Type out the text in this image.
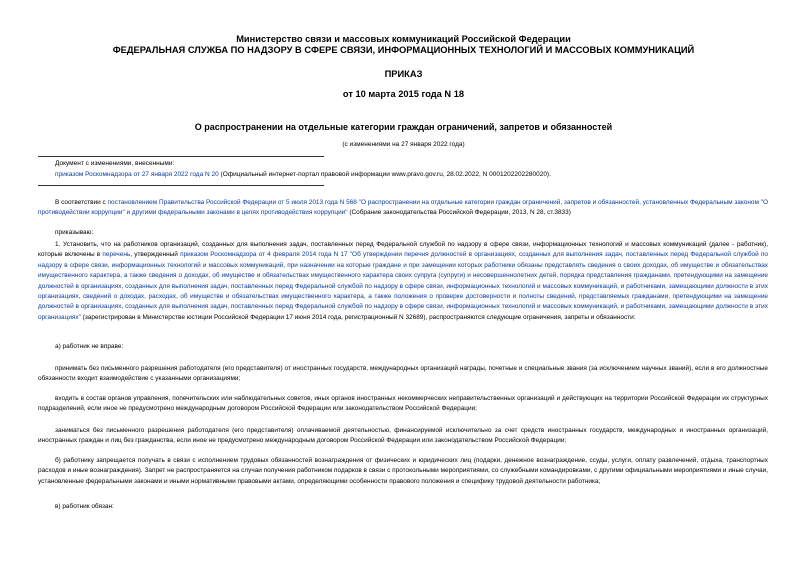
Министерство связи и массовых коммуникаций Российской Федерации
ФЕДЕРАЛЬНАЯ СЛУЖБА ПО НАДЗОРУ В СФЕРЕ СВЯЗИ, ИНФОРМАЦИОННЫХ ТЕХНОЛОГИЙ И МАССОВЫХ КОММУНИКАЦИЙ
ПРИКАЗ
от 10 марта 2015 года N 18
О распространении на отдельные категории граждан ограничений, запретов и обязанностей
(с изменениями на 27 января 2022 года)
Документ с изменениями, внесенными:
приказом Роскомнадзора от 27 января 2022 года N 20 (Официальный интернет-портал правовой информации www.pravo.gov.ru, 28.02.2022, N 0001202202280020).

В соответствии с постановлением Правительства Российской Федерации от 5 июля 2013 года N 568 "О распространении на отдельные категории граждан ограничений, запретов и обязанностей, установленных Федеральным законом "О противодействии коррупции" и другими федеральными законами в целях противодействия коррупции" (Собрание законодательства Российской Федерации, 2013, N 28, ст.3833)

приказываю:

1. Установить, что на работников организаций, созданных для выполнения задач, поставленных перед Федеральной службой по надзору в сфере связи, информационных технологий и массовых коммуникаций (далее - работник), которые включены в перечень, утвержденный приказом Роскомнадзора от 4 февраля 2014 года N 17 "Об утверждении перечня должностей в организациях, созданных для выполнения задач, поставленных перед Федеральной службой по надзору в сфере связи, информационных технологий и массовых коммуникаций, при назначении на которые граждане и при замещении которых работники обязаны представлять сведения о своих доходах, об имуществе и обязательствах имущественного характера, а также сведения о доходах, об имуществе и обязательствах имущественного характера своих супруга (супруги) и несовершеннолетних детей, порядка представления гражданами, претендующими на замещение должностей в организациях, созданных для выполнения задач, поставленных перед Федеральной службой по надзору в сфере связи, информационных технологий и массовых коммуникаций, и работниками, замещающими должности в этих организациях, сведений о доходах, расходах, об имуществе и обязательствах имущественного характера, а также положения о проверке достоверности и полноты сведений, представляемых гражданами, претендующими на замещение должностей в организациях, созданных для выполнения задач, поставленных перед Федеральной службой по надзору в сфере связи, информационных технологий и массовых коммуникаций, и работниками, замещающими должности в этих организациях" (зарегистрирован в Министерстве юстиции Российской Федерации 17 июня 2014 года, регистрационный N 32689), распространяются следующие ограничения, запреты и обязанности:

а) работник не вправе:

принимать без письменного разрешения работодателя (его представителя) от иностранных государств, международных организаций награды, почетные и специальные звания (за исключением научных званий), если в его должностные обязанности входит взаимодействие с указанными организациями;

входить в состав органов управления, попечительских или наблюдательных советов, иных органов иностранных некоммерческих неправительственных организаций и действующих на территории Российской Федерации их структурных подразделений, если иное не предусмотрено международным договором Российской Федерации или законодательством Российской Федерации;

заниматься без письменного разрешения работодателя (его представителя) оплачиваемой деятельностью, финансируемой исключительно за счет средств иностранных государств, международных и иностранных организаций, иностранных граждан и лиц без гражданства, если иное не предусмотрено международным договором Российской Федерации или законодательством Российской Федерации;

б) работнику запрещается получать в связи с исполнением трудовых обязанностей вознаграждения от физических и юридических лиц (подарки, денежное вознаграждение, ссуды, услуги, оплату развлечений, отдыха, транспортных расходов и иные вознаграждения). Запрет не распространяется на случаи получения работником подарков в связи с протокольными мероприятиями, со служебными командировками, с другими официальными мероприятиями и иные случаи, установленные федеральными законами и иными нормативными правовыми актами, определяющими особенности правового положения и специфику трудовой деятельности работника;

в) работник обязан:
